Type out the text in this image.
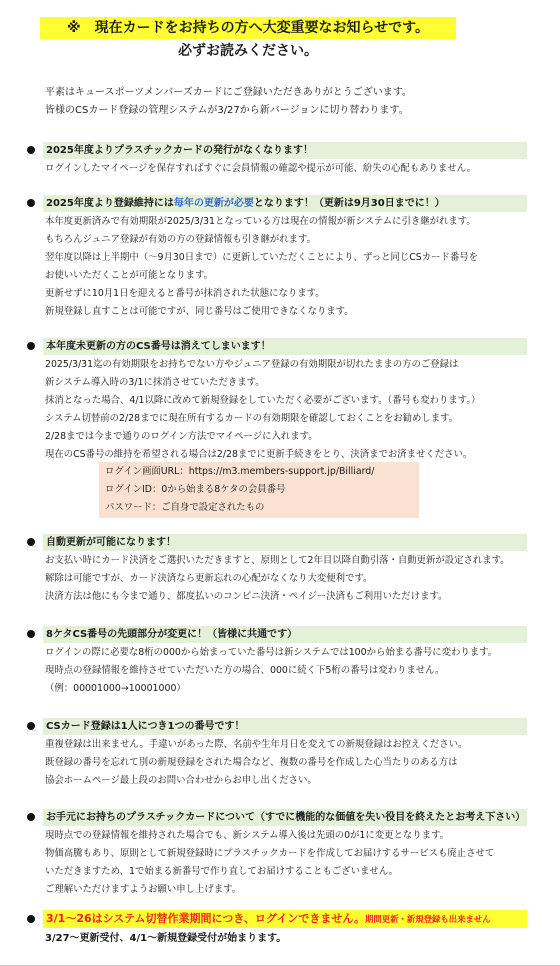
※　現在カードをお持ちの方へ大変重要なお知らせです。
必ずお読みください。
平素はキュースポーツメンバーズカードにご登録いただきありがとうございます。
皆様のCSカード登録の管理システムが3/27から新バージョンに切り替わります。
2025年度よりプラスチックカードの発行がなくなります！
ログインしたマイページを保存すればすぐに会員情報の確認や提示が可能、紛失の心配もありません。
2025年度より登録維持には毎年の更新が必要となります！（更新は9月30日までに！）
本年度更新済みで有効期限が2025/3/31となっている方は現在の情報が新システムに引き継がれます。
もちろんジュニア登録が有効の方の登録情報も引き継がれます。
翌年度以降は上半期中（～9月30日まで）に更新していただくことにより、ずっと同じCSカード番号を
お使いいただくことが可能となります。
更新せずに10月1日を迎えると番号が抹消された状態になります。
新規登録し直すことは可能ですが、同じ番号はご使用できなくなります。
本年度未更新の方のCS番号は消えてしまいます！
2025/3/31迄の有効期限をお持ちでない方やジュニア登録の有効期限が切れたままの方のご登録は
新システム導入時の3/1に抹消させていただきます。
抹消となった場合、4/1以降に改めて新規登録をしていただく必要がございます。（番号も変わります。）
システム切替前の2/28までに現在所有するカードの有効期限を確認しておくことをお勧めします。
2/28までは今まで通りのログイン方法でマイページに入れます。
現在のCS番号の維持を希望される場合は2/28までに更新手続きをとり、決済までお済ませください。
ログイン画面URL：https://m3.members-support.jp/Billiard/
ログインID：0から始まる8ケタの会員番号
パスワード：ご自身で設定されたもの
自動更新が可能になります！
お支払い時にカード決済をご選択いただきますと、原則として2年目以降自動引落・自動更新が設定されます。
解除は可能ですが、カード決済なら更新忘れの心配がなくなり大変便利です。
決済方法は他にも今まで通り、都度払いのコンビニ決済・ペイジー決済もご利用いただけます。
8ケタCS番号の先頭部分が変更に！（皆様に共通です）
ログインの際に必要な8桁の000から始まっていた番号は新システムでは100から始まる番号に変わります。
現時点の登録情報を維持させていただいた方の場合、000に続く下5桁の番号は変わりません。
（例：00001000→10001000）
CSカード登録は1人につき1つの番号です！
重複登録は出来ません。手違いがあった際、名前や生年月日を変えての新規登録はお控えください。
既登録の番号を忘れて別の新規登録をされた場合など、複数の番号を作成した心当たりのある方は
協会ホームページ最上段のお問い合わせからお申し出ください。
お手元にお持ちのプラスチックカードについて（すでに機能的な価値を失い役目を終えたとお考え下さい）
現時点での登録情報を維持された場合でも、新システム導入後は先頭の0が1に変更となります。
物価高騰もあり、原則として新規登録時にプラスチックカードを作成してお届けするサービスも廃止させて
いただきますため、1で始まる新番号で作り直してお届けすることもございません。
ご理解いただけますようお願い申し上げます。
3/1～26はシステム切替作業期間につき、ログインできません。期間更新・新規登録も出来ません
3/27～更新受付、4/1～新規登録受付が始まります。
